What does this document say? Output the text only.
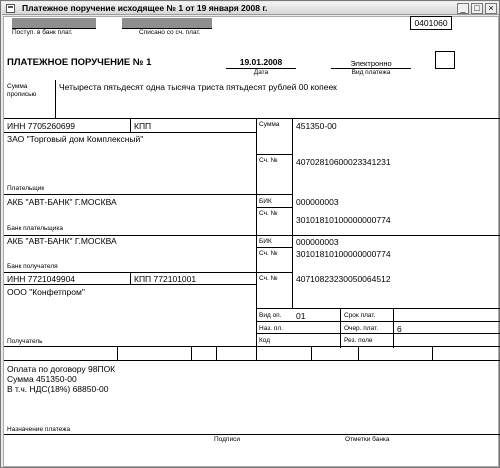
Платежное поручение исходящее № 1 от 19 января 2008 г.	_ □ ×
Поступ. в банк плат.	Списано со сч. плат.
0401060
ПЛАТЕЖНОЕ ПОРУЧЕНИЕ № 1	19.01.2008
Дата
Электронно
Вид платежа
Сумма
прописью
Четыреста пятьдесят одна тысяча триста пятьдесят рублей 00 копеек
ИНН 7705260699	КПП
ЗАО "Торговый дом Комплексный"
Плательщик
АКБ "АВТ-БАНК" Г.МОСКВА
Банк плательщика
АКБ "АВТ-БАНК" Г.МОСКВА
Банк получателя
ИНН 7721049904	КПП 772101001
ООО "Конфетпром"
Получатель
Сумма 451350-00
Сч. № 40702810600023341231
БИК	000000003
Сч. №
30101810100000000774
БИК	000000003
Сч. № 30101810100000000774
Сч. № 40710823230050064512
Вид оп. 01
Наз. пл.
Код
Срок плат.
Очер. плат. 6
Рез. поле
Оплата по договору 98ПОК
Сумма 451350-00
В т.ч. НДС(18%) 68850-00
Назначение платежа
Подписи	Отметки банка
